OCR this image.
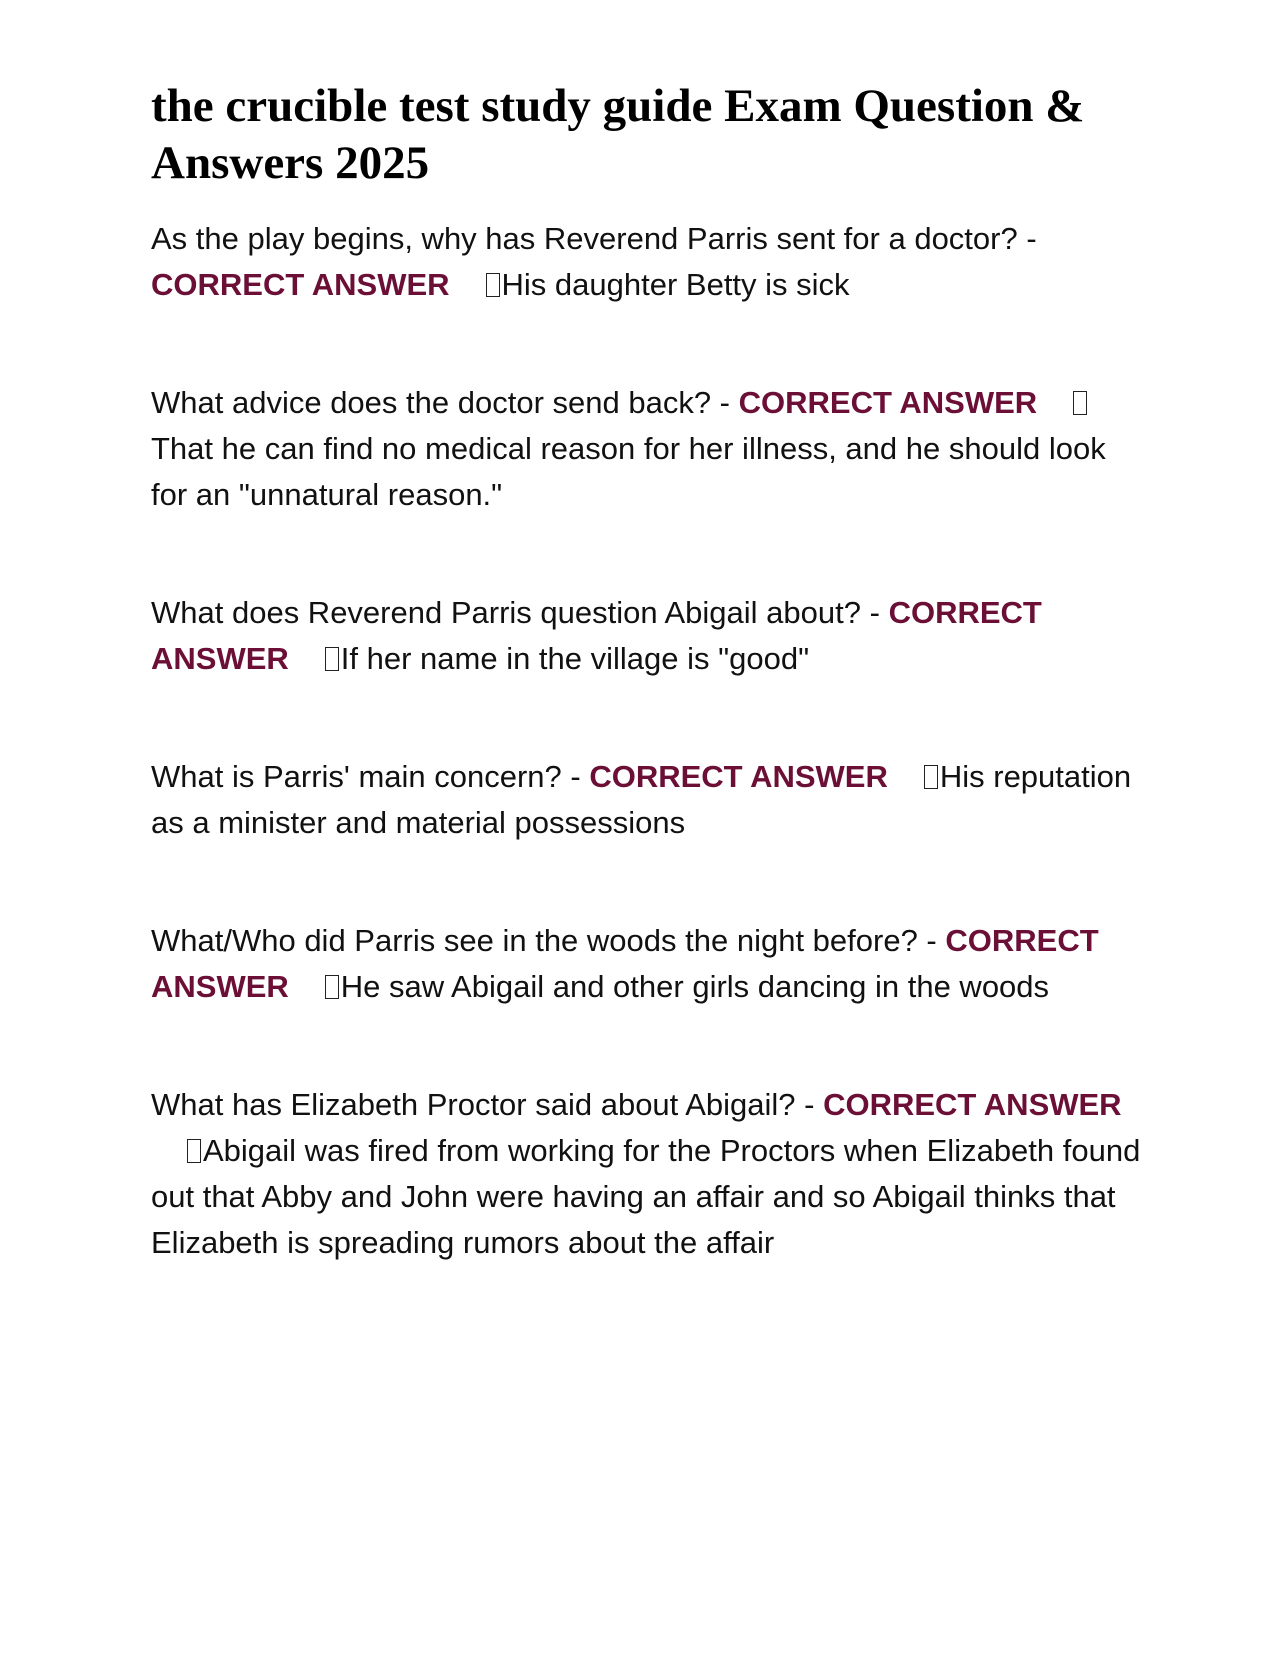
the crucible test study guide Exam Question & Answers 2025
As the play begins, why has Reverend Parris sent for a doctor? - CORRECT ANSWER His daughter Betty is sick
What advice does the doctor send back? - CORRECT ANSWERThat he can find no medical reason for her illness, and he should look for an "unnatural reason."
What does Reverend Parris question Abigail about? - CORRECT ANSWER If her name in the village is "good"
What is Parris' main concern? - CORRECT ANSWER His reputation as a minister and material possessions
What/Who did Parris see in the woods the night before? - CORRECT ANSWER He saw Abigail and other girls dancing in the woods
What has Elizabeth Proctor said about Abigail? - CORRECT ANSWERAbigail was fired from working for the Proctors when Elizabeth found out that Abby and John were having an affair and so Abigail thinks that Elizabeth is spreading rumors about the affair
